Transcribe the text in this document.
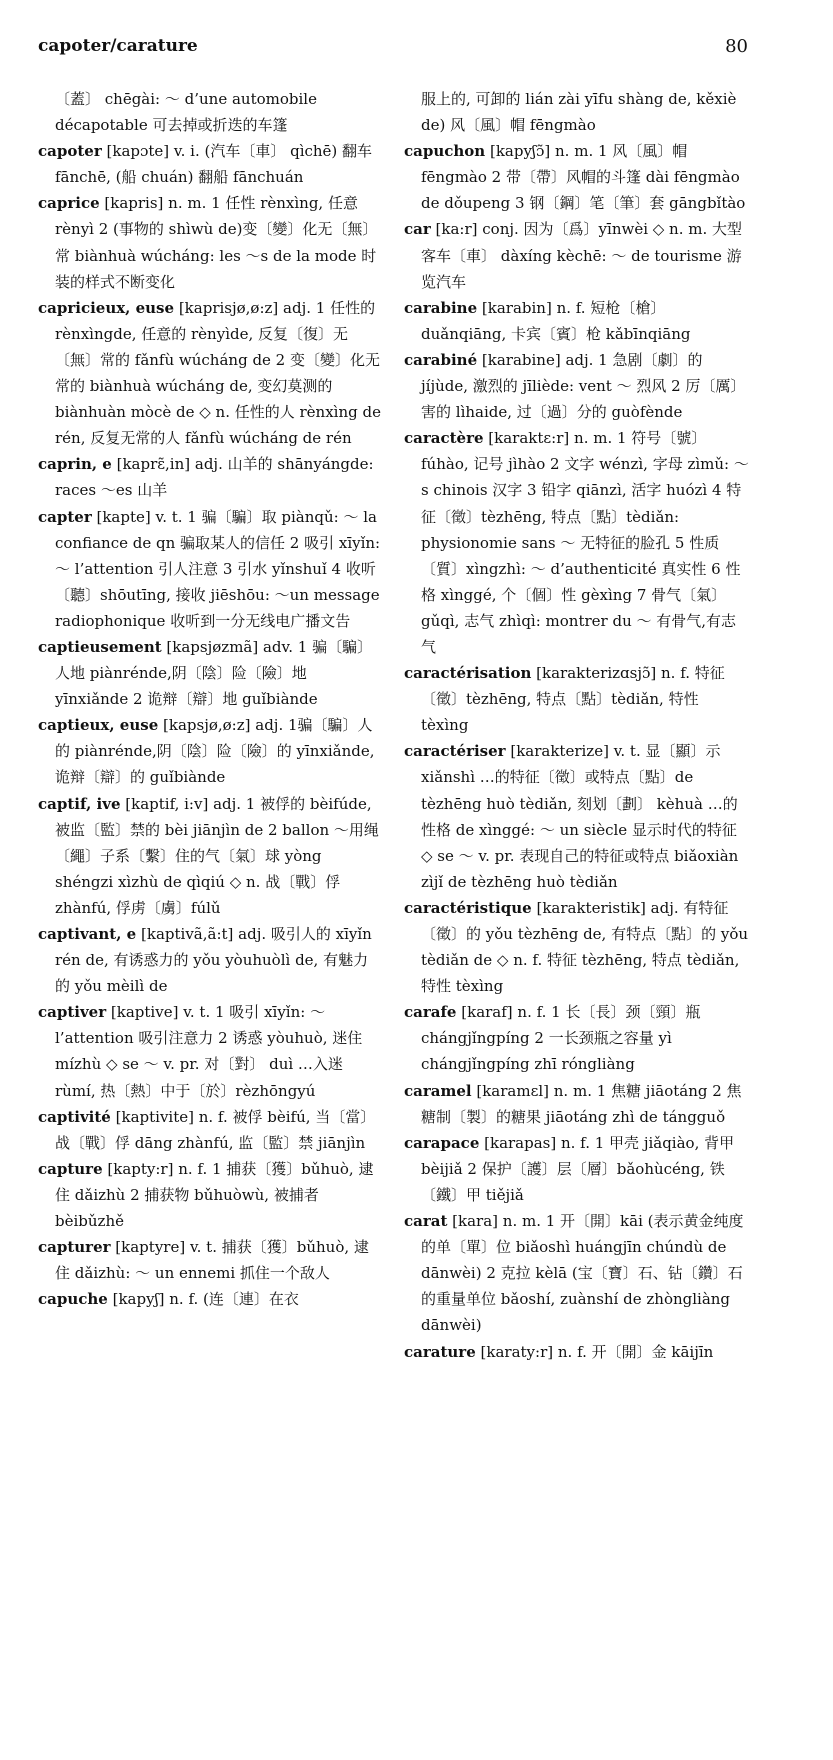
capoter/carature	80

〔蓋〕 chēgài: ～ d’une automobile décapotable 可去掉或折迭的车篷

capoter [kapɔte] v. i. (汽车〔車〕 qìchē) 翻车 fānchē, (船 chuán) 翻船 fānchuán

caprice [kapris] n. m. 1 任性 rènxìng, 任意 rènyì 2 (事物的 shìwù de)变〔變〕化无〔無〕常 biànhuà wúcháng: les ～s de la mode 时装的样式不断变化

capricieux, euse [kaprisjø,ø:z] adj. 1 任性的 rènxìngde, 任意的 rènyìde, 反复〔復〕无〔無〕常的 fǎnfù wúcháng de 2 变〔變〕化无常的 biànhuà wúcháng de, 变幻莫测的 biànhuàn mòcè de ◇ n. 任性的人 rènxìng de rén, 反复无常的人 fǎnfù wúcháng de rén

caprin, e [kaprɛ̃,in] adj. 山羊的 shānyángde: races ～es 山羊

capter [kapte] v. t. 1 骗〔騙〕取 piànqǔ: ～ la confiance de qn 骗取某人的信任 2 吸引 xīyǐn: ～ l’attention 引人注意 3 引水 yǐnshuǐ 4 收听〔聽〕shōutīng, 接收 jiēshōu: ～un message radiophonique 收听到一分无线电广播文告

captieusement [kapsjøzmã] adv. 1 骗〔騙〕人地 piànrénde,阴〔陰〕险〔險〕地 yīnxiǎnde 2 诡辩〔辯〕地 guǐbiànde

captieux, euse [kapsjø,ø:z] adj. 1骗〔騙〕人的 piànrénde,阴〔陰〕险〔險〕的 yīnxiǎnde, 诡辩〔辯〕的 guǐbiànde

captif, ive [kaptif, i:v] adj. 1 被俘的 bèifúde, 被监〔監〕禁的 bèi jiānjìn de 2 ballon ～用绳〔繩〕子系〔繫〕住的气〔氣〕球 yòng shéngzi xìzhù de qìqiú ◇ n. 战〔戰〕俘 zhànfú, 俘虏〔虜〕fúlǔ

captivant, e [kaptivã,ã:t] adj. 吸引人的 xīyǐn rén de, 有诱惑力的 yǒu yòuhuòlì de, 有魅力的 yǒu mèilì de

captiver [kaptive] v. t. 1 吸引 xīyǐn: ～ l’attention 吸引注意力 2 诱惑 yòuhuò, 迷住 mízhù ◇ se ～ v. pr. 对〔對〕 duì …入迷 rùmí, 热〔熱〕中于〔於〕rèzhōngyú

captivité [kaptivite] n. f. 被俘 bèifú, 当〔當〕战〔戰〕俘 dāng zhànfú, 监〔監〕禁 jiānjìn

capture [kapty:r] n. f. 1 捕获〔獲〕bǔhuò, 逮住 dǎizhù 2 捕获物 bǔhuòwù, 被捕者 bèibǔzhě

capturer [kaptyre] v. t. 捕获〔獲〕bǔhuò, 逮住 dǎizhù: ～ un ennemi 抓住一个敌人

capuche [kapyʃ] n. f. (连〔連〕在衣

服上的, 可卸的 lián zài yīfu shàng de, kěxiè de) 风〔風〕帽 fēngmào

capuchon [kapyʃɔ̃] n. m. 1 风〔風〕帽 fēngmào 2 带〔帶〕风帽的斗篷 dài fēngmào de dǒupeng 3 钢〔鋼〕笔〔筆〕套 gāngbǐtào

car [ka:r] conj. 因为〔爲〕yīnwèi ◇ n. m. 大型客车〔車〕 dàxíng kèchē: ～ de tourisme 游览汽车

carabine [karabin] n. f. 短枪〔槍〕duǎnqiāng, 卡宾〔賓〕枪 kǎbīnqiāng

carabiné [karabine] adj. 1 急剧〔劇〕的 jíjùde, 激烈的 jīliède: vent ～ 烈风 2 厉〔厲〕害的 lìhaide, 过〔過〕分的 guòfènde

caractère [karaktɛ:r] n. m. 1 符号〔號〕fúhào, 记号 jìhào 2 文字 wénzì, 字母 zìmǔ: ～s chinois 汉字 3 铅字 qiānzì, 活字 huózì 4 特征〔徵〕tèzhēng, 特点〔點〕tèdiǎn: physionomie sans ～ 无特征的脸孔 5 性质〔質〕xìngzhì: ～ d’authenticité 真实性 6 性格 xìnggé, 个〔個〕性 gèxìng 7 骨气〔氣〕gǔqì, 志气 zhìqì: montrer du ～ 有骨气,有志气

caractérisation [karakterizɑsjɔ̃] n. f. 特征〔徵〕tèzhēng, 特点〔點〕tèdiǎn, 特性 tèxìng

caractériser [karakterize] v. t. 显〔顯〕示 xiǎnshì …的特征〔徵〕或特点〔點〕de tèzhēng huò tèdiǎn, 刻划〔劃〕 kèhuà …的性格 de xìnggé: ～ un siècle 显示时代的特征 ◇ se ～ v. pr. 表现自己的特征或特点 biǎoxiàn zìjǐ de tèzhēng huò tèdiǎn

caractéristique [karakteristik] adj. 有特征〔徵〕的 yǒu tèzhēng de, 有特点〔點〕的 yǒu tèdiǎn de ◇ n. f. 特征 tèzhēng, 特点 tèdiǎn, 特性 tèxìng

carafe [karaf] n. f. 1 长〔長〕颈〔頸〕瓶 chángjǐngpíng 2 一长颈瓶之容量 yì chángjǐngpíng zhī róngliàng

caramel [karamɛl] n. m. 1 焦糖 jiāotáng 2 焦糖制〔製〕的糖果 jiāotáng zhì de tángguǒ

carapace [karapas] n. f. 1 甲壳 jiǎqiào, 背甲 bèijiǎ 2 保护〔護〕层〔層〕bǎohùcéng, 铁〔鐵〕甲 tiějiǎ

carat [kara] n. m. 1 开〔開〕kāi (表示黄金纯度的单〔單〕位 biǎoshì huángjīn chúndù de dānwèi) 2 克拉 kèlā (宝〔寶〕石、钻〔鑽〕石的重量单位 bǎoshí, zuànshí de zhòngliàng dānwèi)

carature [karaty:r] n. f. 开〔開〕金 kāijīn
